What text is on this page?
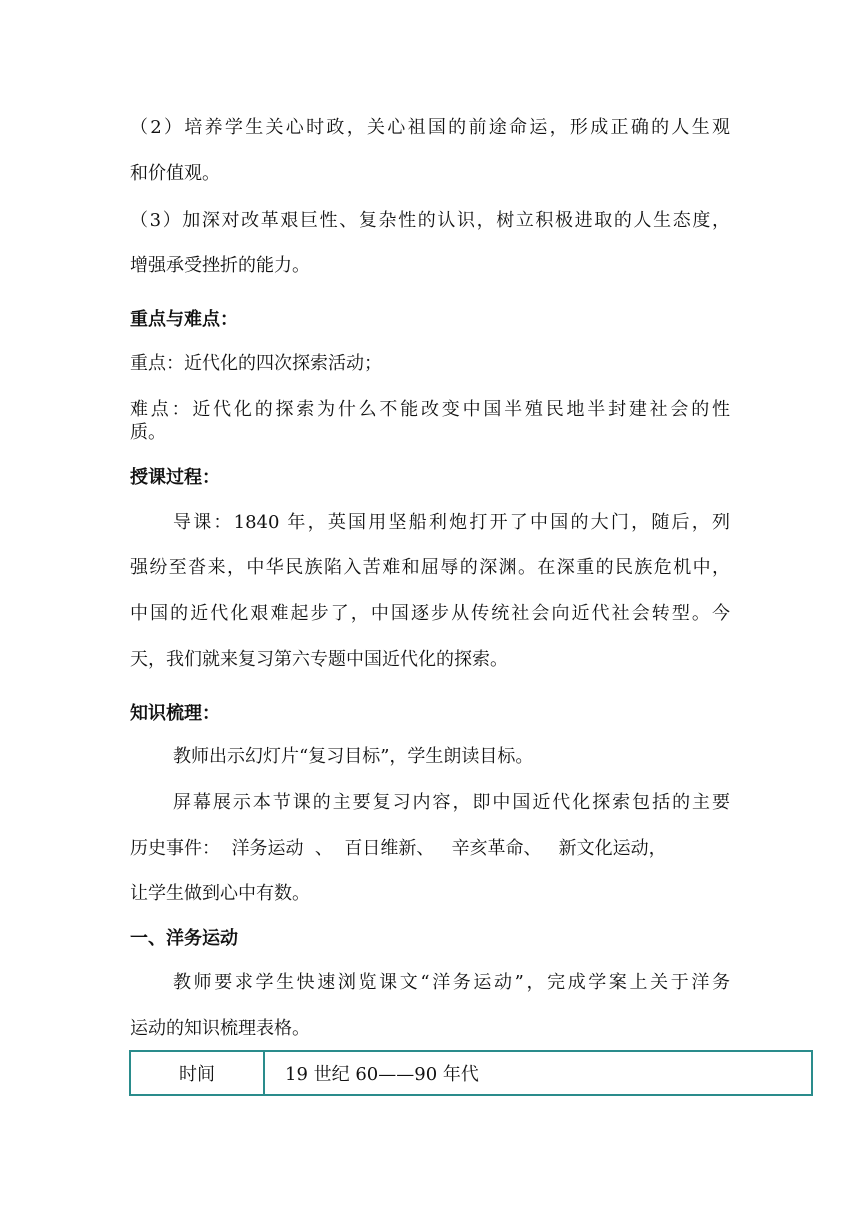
（2）培养学生关心时政，关心祖国的前途命运，形成正确的人生观
和价值观。
（3）加深对改革艰巨性、复杂性的认识，树立积极进取的人生态度，
增强承受挫折的能力。
重点与难点：
重点：近代化的四次探索活动；
难点：近代化的探索为什么不能改变中国半殖民地半封建社会的性
质。
授课过程：
导课：1840 年，英国用坚船利炮打开了中国的大门，随后，列
强纷至沓来，中华民族陷入苦难和屈辱的深渊。在深重的民族危机中，
中国的近代化艰难起步了，中国逐步从传统社会向近代社会转型。今
天，我们就来复习第六专题中国近代化的探索。
知识梳理：
教师出示幻灯片“复习目标”，学生朗读目标。
屏幕展示本节课的主要复习内容，即中国近代化探索包括的主要
历史事件：  洋务运动  、  百日维新、   辛亥革命、   新文化运动，
让学生做到心中有数。
一、洋务运动
教师要求学生快速浏览课文“洋务运动”，完成学案上关于洋务
运动的知识梳理表格。
时间	19 世纪 60——90 年代
